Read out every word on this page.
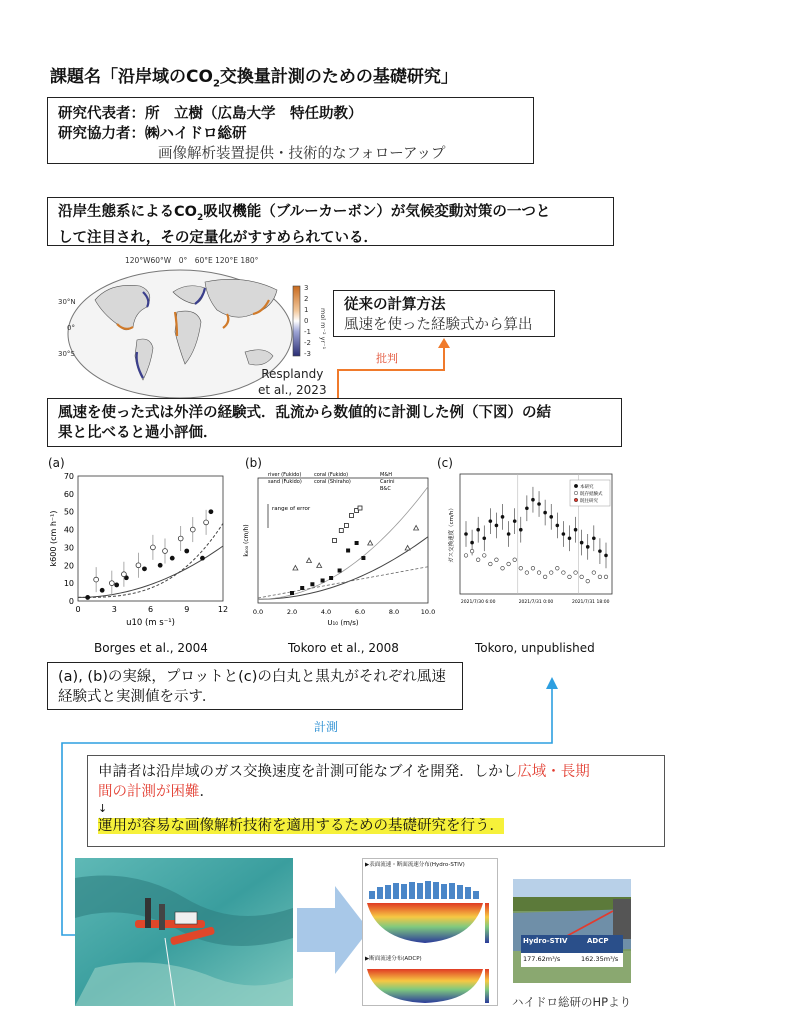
課題名「沿岸域の$CO_2$交換量計測のための基礎研究」
研究代表者：所　立樹（広島大学　特任助教）
研究協力者：㈱ハイドロ総研
画像解析装置提供・技術的なフォローアップ
沿岸生態系による$CO_2$吸収機能（ブルーカーボン）が気候変動対策の一つと
して注目され，その定量化がすすめられている．
120°W60°W　0°　60°E 120°E 180°
30°N
0°
30°S
3
2
1
0
-1
-2
-3
mol m⁻² yr⁻¹
Resplandy
et al., 2023
従来の計算方法
風速を使った経験式から算出
批判
風速を使った式は外洋の経験式．乱流から数値的に計測した例（下図）の結
果と比べると過小評価．
(a)
0
10
20
30
40
50
60
70
0	3	6	9	12
u10 (m s⁻¹)
k600 (cm h⁻¹)
Borges et al., 2004
(b)
0.0	2.0	4.0	6.0	8.0	10.0
U₁₀ (m/s)
k₆₀₀ (cm/h)
river (Fukido)	coral (Fukido)
sand (Fukido) coral (Shiraho)
M&H
Carini
B&C
range of error
Tokoro et al., 2008
(c)
ガス交換速度（cm/h）
本研究
既存経験式
既往研究
2021/7/30 6:00	2021/7/31 0:00	2021/7/31 18:00
Tokoro, unpublished
(a), (b)の実線，プロットと(c)の白丸と黒丸がそれぞれ風速
経験式と実測値を示す．
計測
申請者は沿岸域のガス交換速度を計測可能なブイを開発．しかし広域・長期
間の計測が困難．
↓
運用が容易な画像解析技術を適用するための基礎研究を行う．
▶表面流速・断面流速分布(Hydro-STIV)
▶断面流速分布(ADCP)
Hydro-STIV	ADCP
177.62m³/s	162.35m³/s
ハイドロ総研のHPより
